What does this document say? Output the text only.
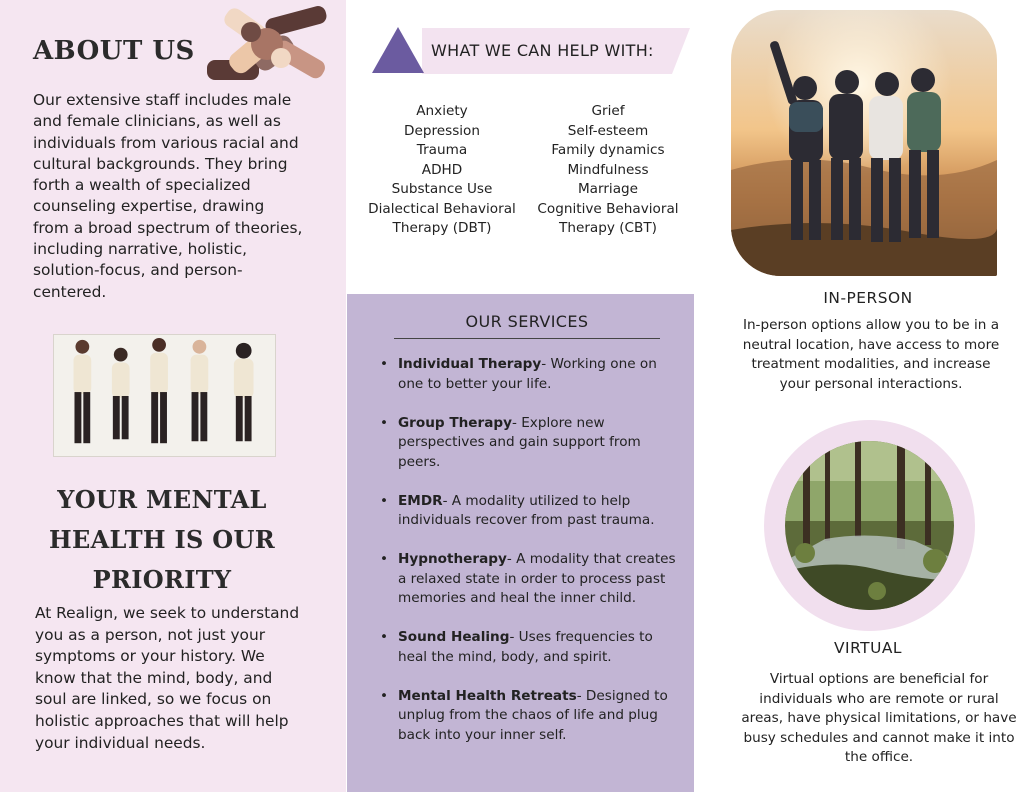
ABOUT US
Our extensive staff includes male and female clinicians, as well as individuals from various racial and cultural backgrounds. They bring forth a wealth of specialized counseling expertise, drawing from a broad spectrum of theories, including narrative, holistic, solution-focus, and person-centered.
YOUR MENTAL
HEALTH IS OUR
PRIORITY
At Realign, we seek to understand you as a person, not just your symptoms or your history. We know that the mind, body, and soul are linked, so we focus on holistic approaches that will help your individual needs.
WHAT WE CAN HELP WITH:
Anxiety
Depression
Trauma
ADHD
Substance Use
Dialectical Behavioral
Therapy (DBT)
Grief
Self-esteem
Family dynamics
Mindfulness
Marriage
Cognitive Behavioral
Therapy (CBT)
OUR SERVICES
• Individual Therapy- Working one on one to better your life.
• Group Therapy- Explore new perspectives and gain support from peers.
• EMDR- A modality utilized to help individuals recover from past trauma.
• Hypnotherapy- A modality that creates a relaxed state in order to process past memories and heal the inner child.
• Sound Healing- Uses frequencies to heal the mind, body, and spirit.
• Mental Health Retreats- Designed to unplug from the chaos of life and plug back into your inner self.
IN-PERSON
In-person options allow you to be in a neutral location, have access to more treatment modalities, and increase your personal interactions.
VIRTUAL
Virtual options are beneficial for individuals who are remote or rural areas, have physical limitations, or have busy schedules and cannot make it into the office.
